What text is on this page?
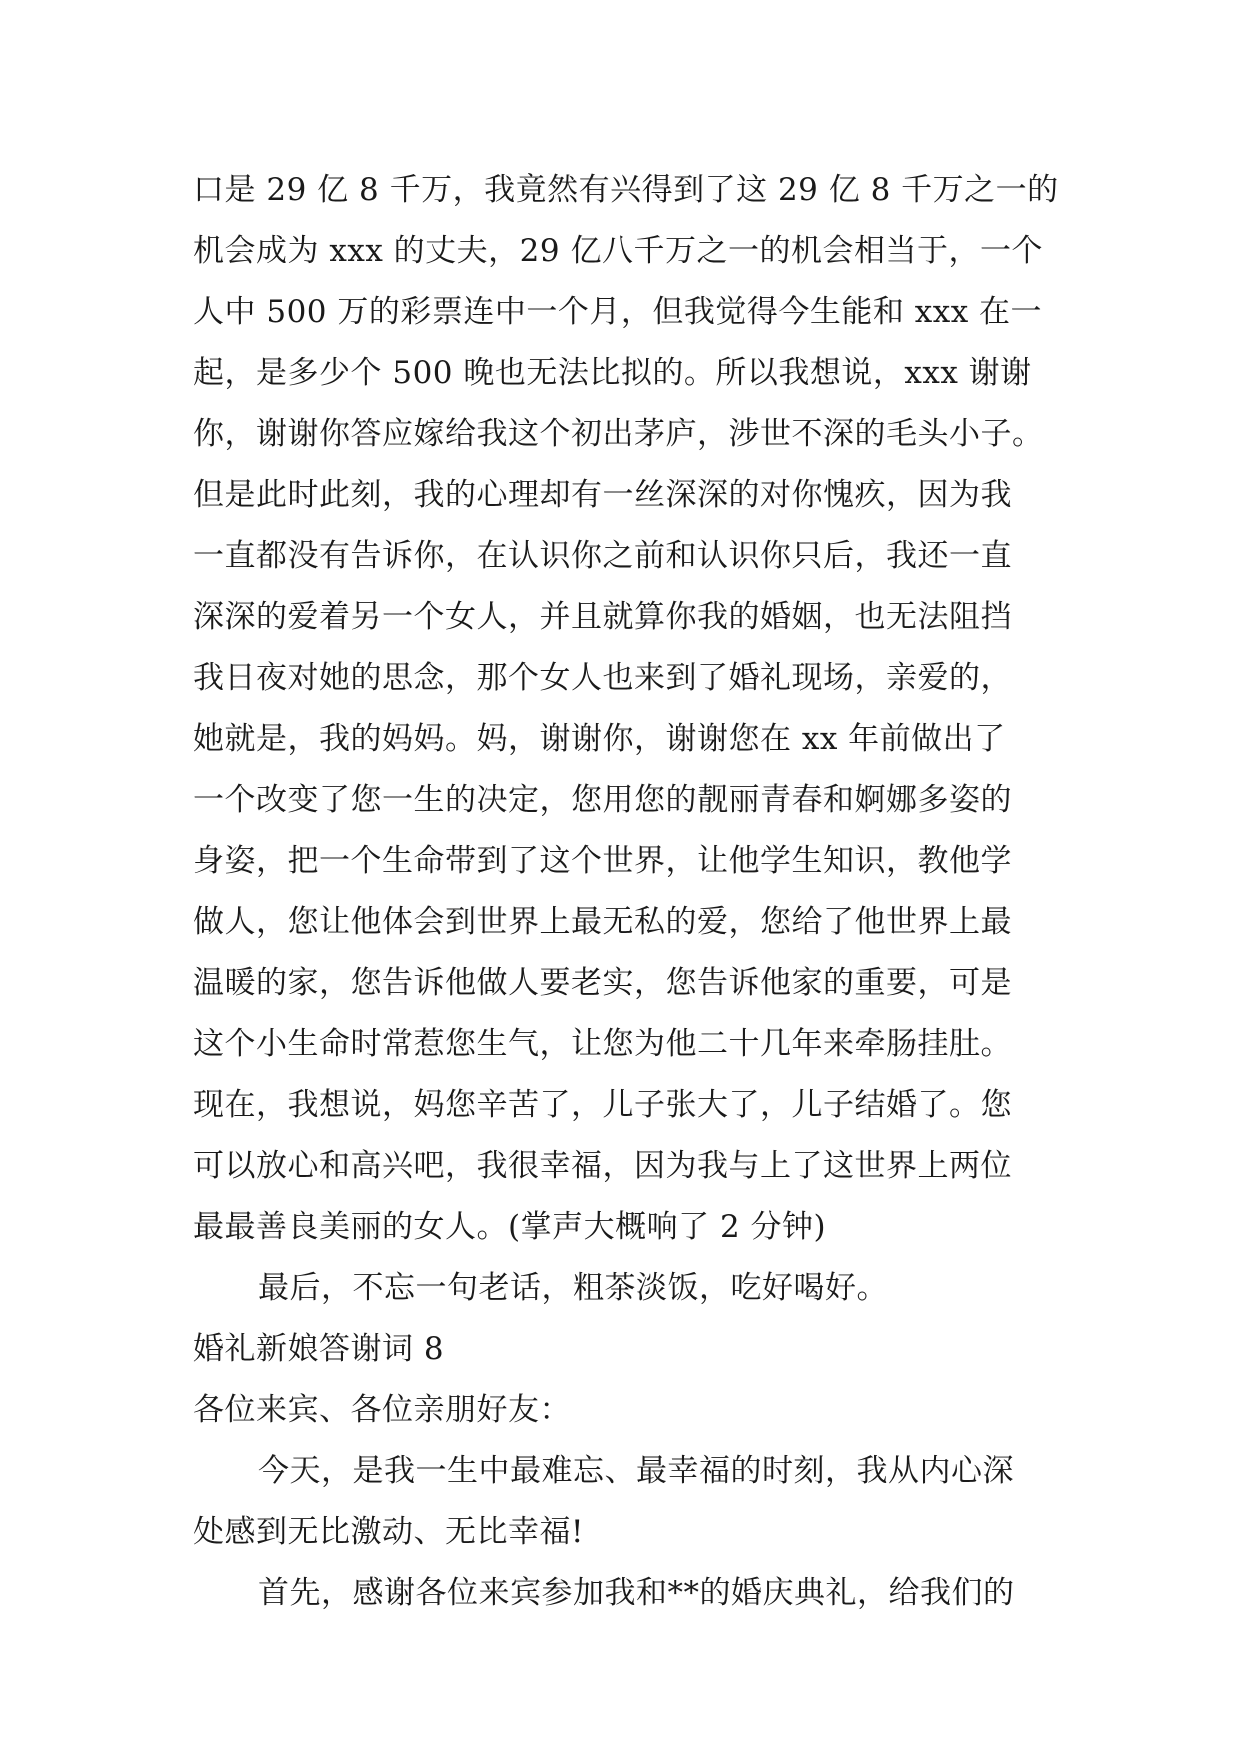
口是 29 亿 8 千万，我竟然有兴得到了这 29 亿 8 千万之一的
机会成为 xxx 的丈夫，29 亿八千万之一的机会相当于，一个
人中 500 万的彩票连中一个月，但我觉得今生能和 xxx 在一
起，是多少个 500 晚也无法比拟的。所以我想说，xxx 谢谢
你，谢谢你答应嫁给我这个初出茅庐，涉世不深的毛头小子。
但是此时此刻，我的心理却有一丝深深的对你愧疚，因为我
一直都没有告诉你，在认识你之前和认识你只后，我还一直
深深的爱着另一个女人，并且就算你我的婚姻，也无法阻挡
我日夜对她的思念，那个女人也来到了婚礼现场，亲爱的，
她就是，我的妈妈。妈，谢谢你，谢谢您在 xx 年前做出了
一个改变了您一生的决定，您用您的靓丽青春和婀娜多姿的
身姿，把一个生命带到了这个世界，让他学生知识，教他学
做人，您让他体会到世界上最无私的爱，您给了他世界上最
温暖的家，您告诉他做人要老实，您告诉他家的重要，可是
这个小生命时常惹您生气，让您为他二十几年来牵肠挂肚。
现在，我想说，妈您辛苦了，儿子张大了，儿子结婚了。您
可以放心和高兴吧，我很幸福，因为我与上了这世界上两位
最最善良美丽的女人。(掌声大概响了 2 分钟)
最后，不忘一句老话，粗茶淡饭，吃好喝好。
婚礼新娘答谢词 8
各位来宾、各位亲朋好友：
今天，是我一生中最难忘、最幸福的时刻，我从内心深
处感到无比激动、无比幸福!
首先，感谢各位来宾参加我和**的婚庆典礼，给我们的
